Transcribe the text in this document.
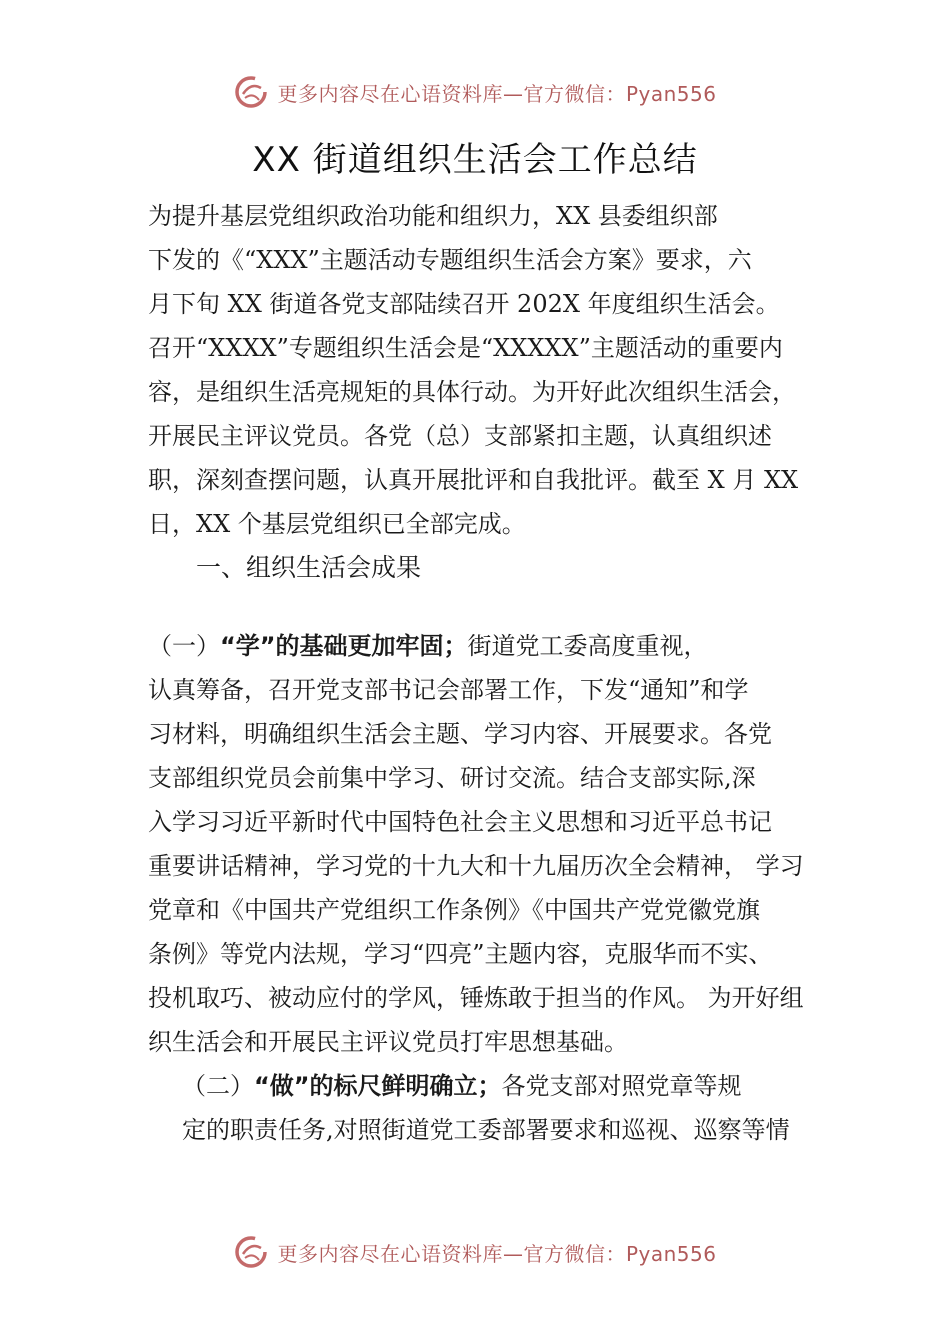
更多内容尽在心语资料库—官方微信：Pyan556
XX 街道组织生活会工作总结

为提升基层党组织政治功能和组织力，XX 县委组织部
下发的《“XXX”主题活动专题组织生活会方案》要求，六
月下旬 XX 街道各党支部陆续召开 202X 年度组织生活会。
召开“XXXX”专题组织生活会是“XXXXX”主题活动的重要内
容，是组织生活亮规矩的具体行动。为开好此次组织生活会，
开展民主评议党员。各党（总）支部紧扣主题，认真组织述
职，深刻查摆问题，认真开展批评和自我批评。截至 X 月 XX
日，XX 个基层党组织已全部完成。

一、组织生活会成果

（一）“学”的基础更加牢固；街道党工委高度重视，
认真筹备，召开党支部书记会部署工作，下发“通知”和学
习材料，明确组织生活会主题、学习内容、开展要求。各党
支部组织党员会前集中学习、研讨交流。结合支部实际,深
入学习习近平新时代中国特色社会主义思想和习近平总书记
重要讲话精神，学习党的十九大和十九届历次全会精神， 学习
党章和《中国共产党组织工作条例》《中国共产党党徽党旗
条例》等党内法规，学习“四亮”主题内容，克服华而不实、
投机取巧、被动应付的学风，锤炼敢于担当的作风。 为开好组
织生活会和开展民主评议党员打牢思想基础。

（二）“做”的标尺鲜明确立；各党支部对照党章等规
定的职责任务,对照街道党工委部署要求和巡视、巡察等情

更多内容尽在心语资料库—官方微信：Pyan556
